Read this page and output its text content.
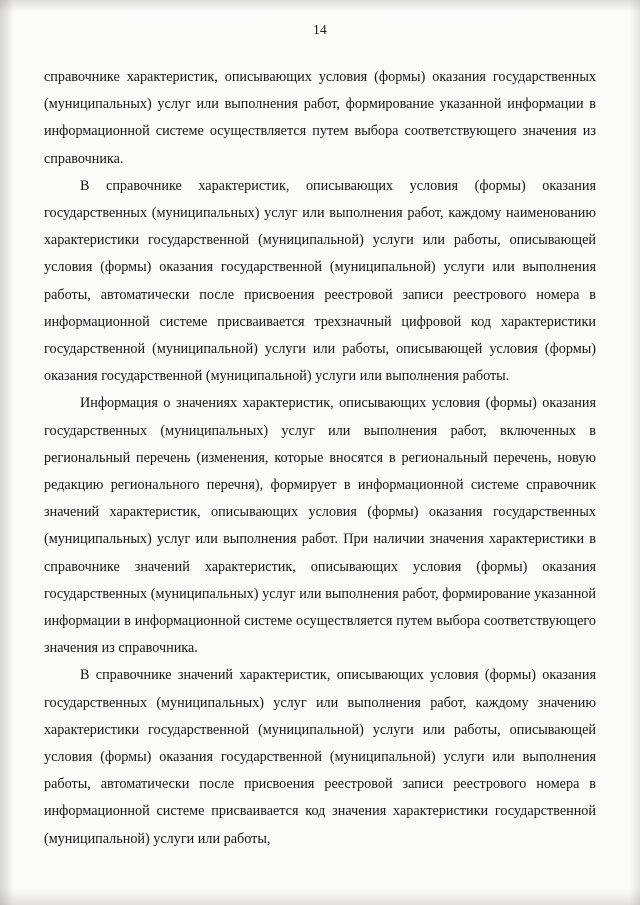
14

справочнике характеристик, описывающих условия (формы) оказания государственных (муниципальных) услуг или выполнения работ, формирование указанной информации в информационной системе осуществляется путем выбора соответствующего значения из справочника.

В справочнике характеристик, описывающих условия (формы) оказания государственных (муниципальных) услуг или выполнения работ, каждому наименованию характеристики государственной (муниципальной) услуги или работы, описывающей условия (формы) оказания государственной (муниципальной) услуги или выполнения работы, автоматически после присвоения реестровой записи реестрового номера в информационной системе присваивается трехзначный цифровой код характеристики государственной (муниципальной) услуги или работы, описывающей условия (формы) оказания государственной (муниципальной) услуги или выполнения работы.

Информация о значениях характеристик, описывающих условия (формы) оказания государственных (муниципальных) услуг или выполнения работ, включенных в региональный перечень (изменения, которые вносятся в региональный перечень, новую редакцию регионального перечня), формирует в информационной системе справочник значений характеристик, описывающих условия (формы) оказания государственных (муниципальных) услуг или выполнения работ. При наличии значения характеристики в справочнике значений характеристик, описывающих условия (формы) оказания государственных (муниципальных) услуг или выполнения работ, формирование указанной информации в информационной системе осуществляется путем выбора соответствующего значения из справочника.

В справочнике значений характеристик, описывающих условия (формы) оказания государственных (муниципальных) услуг или выполнения работ, каждому значению характеристики государственной (муниципальной) услуги или работы, описывающей условия (формы) оказания государственной (муниципальной) услуги или выполнения работы, автоматически после присвоения реестровой записи реестрового номера в информационной системе присваивается код значения характеристики государственной (муниципальной) услуги или работы,
